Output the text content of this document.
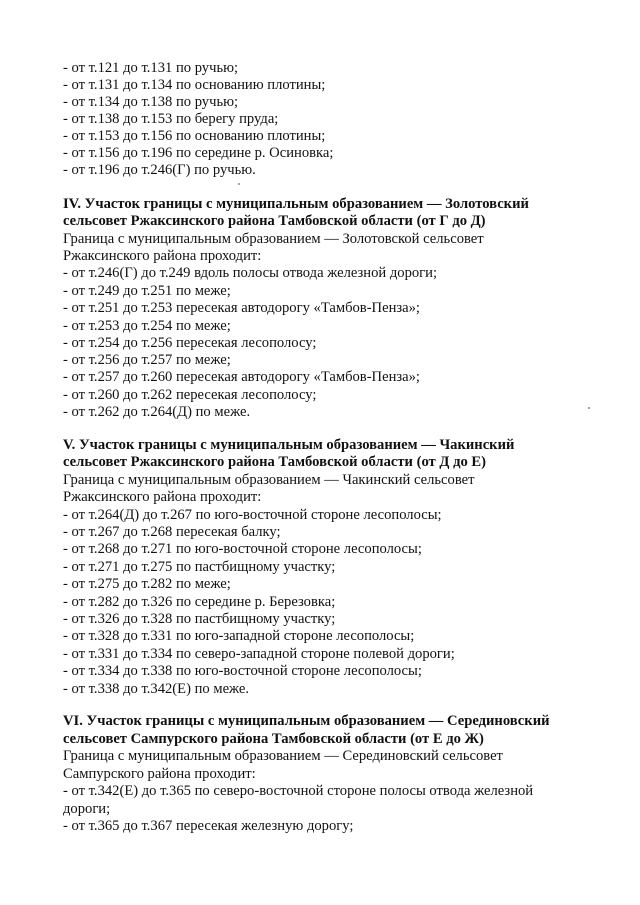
- от т.121 до т.131 по ручью;
- от т.131 до т.134 по основанию плотины;
- от т.134 до т.138 по ручью;
- от т.138 до т.153 по берегу пруда;
- от т.153 до т.156 по основанию плотины;
- от т.156 до т.196 по середине р. Осиновка;
- от т.196 до т.246(Г) по ручью.
IV. Участок границы с муниципальным образованием — Золотовский
сельсовет Ржаксинского района Тамбовской области (от Г до Д)
Граница с муниципальным образованием — Золотовской сельсовет
Ржаксинского района проходит:
- от т.246(Г) до т.249 вдоль полосы отвода железной дороги;
- от т.249 до т.251 по меже;
- от т.251 до т.253 пересекая автодорогу «Тамбов-Пенза»;
- от т.253 до т.254 по меже;
- от т.254 до т.256 пересекая лесополосу;
- от т.256 до т.257 по меже;
- от т.257 до т.260 пересекая автодорогу «Тамбов-Пенза»;
- от т.260 до т.262 пересекая лесополосу;
- от т.262 до т.264(Д) по меже.
V. Участок границы с муниципальным образованием — Чакинский
сельсовет Ржаксинского района Тамбовской области (от Д до Е)
Граница с муниципальным образованием — Чакинский сельсовет
Ржаксинского района проходит:
- от т.264(Д) до т.267 по юго-восточной стороне лесополосы;
- от т.267 до т.268 пересекая балку;
- от т.268 до т.271 по юго-восточной стороне лесополосы;
- от т.271 до т.275 по пастбищному участку;
- от т.275 до т.282 по меже;
- от т.282 до т.326 по середине р. Березовка;
- от т.326 до т.328 по пастбищному участку;
- от т.328 до т.331 по юго-западной стороне лесополосы;
- от т.331 до т.334 по северо-западной стороне полевой дороги;
- от т.334 до т.338 по юго-восточной стороне лесополосы;
- от т.338 до т.342(Е) по меже.
VI. Участок границы с муниципальным образованием — Серединовский
сельсовет Сампурского района Тамбовской области (от Е до Ж)
Граница с муниципальным образованием — Серединовский сельсовет
Сампурского района проходит:
- от т.342(Е) до т.365 по северо-восточной стороне полосы отвода железной
дороги;
- от т.365 до т.367 пересекая железную дорогу;
